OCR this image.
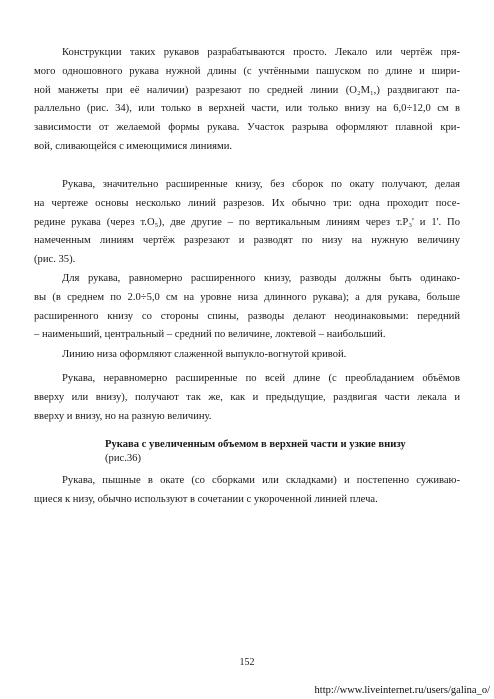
Конструкции таких рукавов разрабатываются просто. Лекало или чертёж пря-
мого одношовного рукава нужной длины (с учтёнными пашуском по длине и шири-
ной манжеты при её наличии) разрезают по средней линии (O₂M₁,) раздвигают па-
раллельно (рис. 34), или только в верхней части, или только внизу на 6,0÷12,0 см в
зависимости от желаемой формы рукава. Участок разрыва оформляют плавной кри-
вой, сливающейся с имеющимися линиями.
Рукава, значительно расширенные книзу, без сборок по окату получают, делая
на чертеже основы несколько линий разрезов. Их обычно три: одна проходит посе-
редине рукава (через т.O₅), две другие – по вертикальным линиям через т.P₃' и 1'. По
намеченным линиям чертёж разрезают и разводят по низу на нужную величину
(рис. 35).
Для рукава, равномерно расширенного книзу, разводы должны быть одинако-
вы (в среднем по 2.0÷5,0 см на уровне низа длинного рукава); а для рукава, больше
расширенного книзу со стороны спины, разводы делают неодинаковыми: передний
– наименьший, центральный – средний по величине, локтевой – наибольший.
Линию низа оформляют слаженной выпукло-вогнутой кривой.
Рукава, неравномерно расширенные по всей длине (с преобладанием объёмов
вверху или внизу), получают так же, как и предыдущие, раздвигая части лекала и
вверху и внизу, но на разную величину.
Рукава с увеличенным объемом в верхней части и узкие внизу
(рис.36)
Рукава, пышные в окате (со сборками или складками) и постепенно суживаю-
щиеся к низу, обычно используют в сочетании с укороченной линией плеча.
152
http://www.liveinternet.ru/users/galina_o/
